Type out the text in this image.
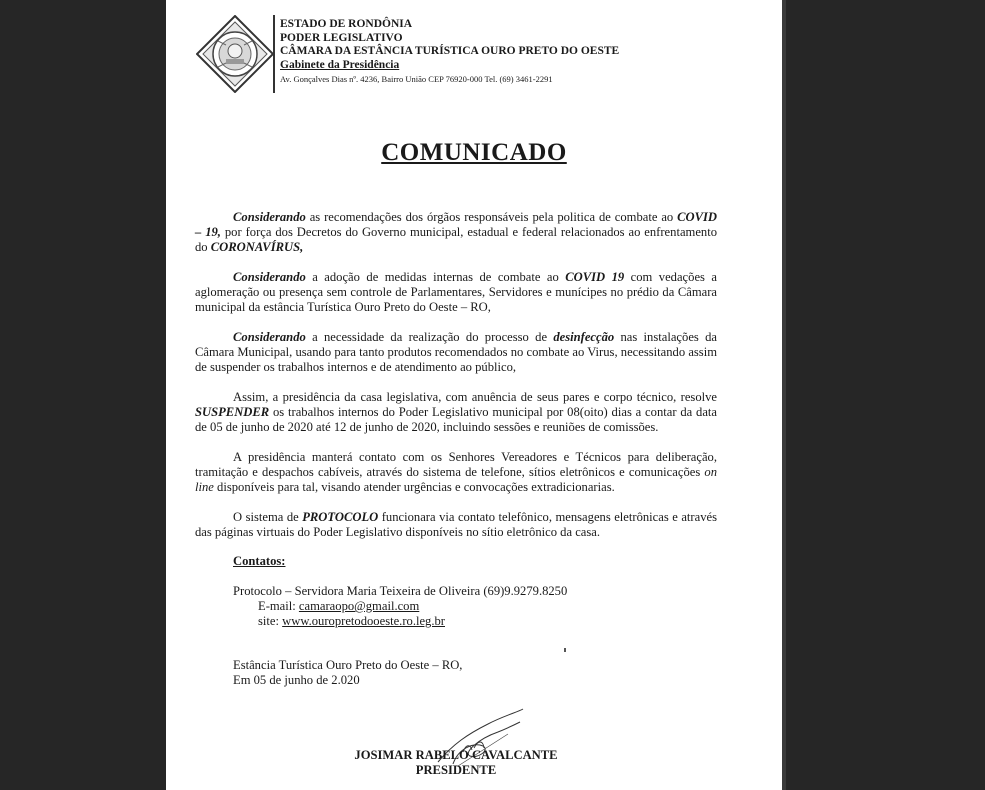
ESTADO DE RONDÔNIA
PODER LEGISLATIVO
CÂMARA DA ESTÂNCIA TURÍSTICA OURO PRETO DO OESTE
Gabinete da Presidência
Av. Gonçalves Dias nº. 4236, Bairro União CEP 76920-000 Tel. (69) 3461-2291
COMUNICADO

Considerando as recomendações dos órgãos responsáveis pela politica de combate ao COVID – 19, por força dos Decretos do Governo municipal, estadual e federal relacionados ao enfrentamento do CORONAVÍRUS,

Considerando a adoção de medidas internas de combate ao COVID 19 com vedações a aglomeração ou presença sem controle de Parlamentares, Servidores e munícipes no prédio da Câmara municipal da estância Turística Ouro Preto do Oeste – RO,

Considerando a necessidade da realização do processo de desinfecção nas instalações da Câmara Municipal, usando para tanto produtos recomendados no combate ao Virus, necessitando assim de suspender os trabalhos internos e de atendimento ao público,

Assim, a presidência da casa legislativa, com anuência de seus pares e corpo técnico, resolve SUSPENDER os trabalhos internos do Poder Legislativo municipal por 08(oito) dias a contar da data de 05 de junho de 2020 até 12 de junho de 2020, incluindo sessões e reuniões de comissões.

A presidência manterá contato com os Senhores Vereadores e Técnicos para deliberação, tramitação e despachos cabíveis, através do sistema de telefone, sítios eletrônicos e comunicações on line disponíveis para tal, visando atender urgências e convocações extradicionarias.

O sistema de PROTOCOLO funcionara via contato telefônico, mensagens eletrônicas e através das páginas virtuais do Poder Legislativo disponíveis no sítio eletrônico da casa.

Contatos:
Protocolo – Servidora Maria Teixeira de Oliveira (69)9.9279.8250
E-mail: camaraopo@gmail.com
site: www.ouropretodooeste.ro.leg.br
Estância Turística Ouro Preto do Oeste – RO,
Em 05 de junho de 2.020
JOSIMAR RABELO CAVALCANTE
PRESIDENTE
